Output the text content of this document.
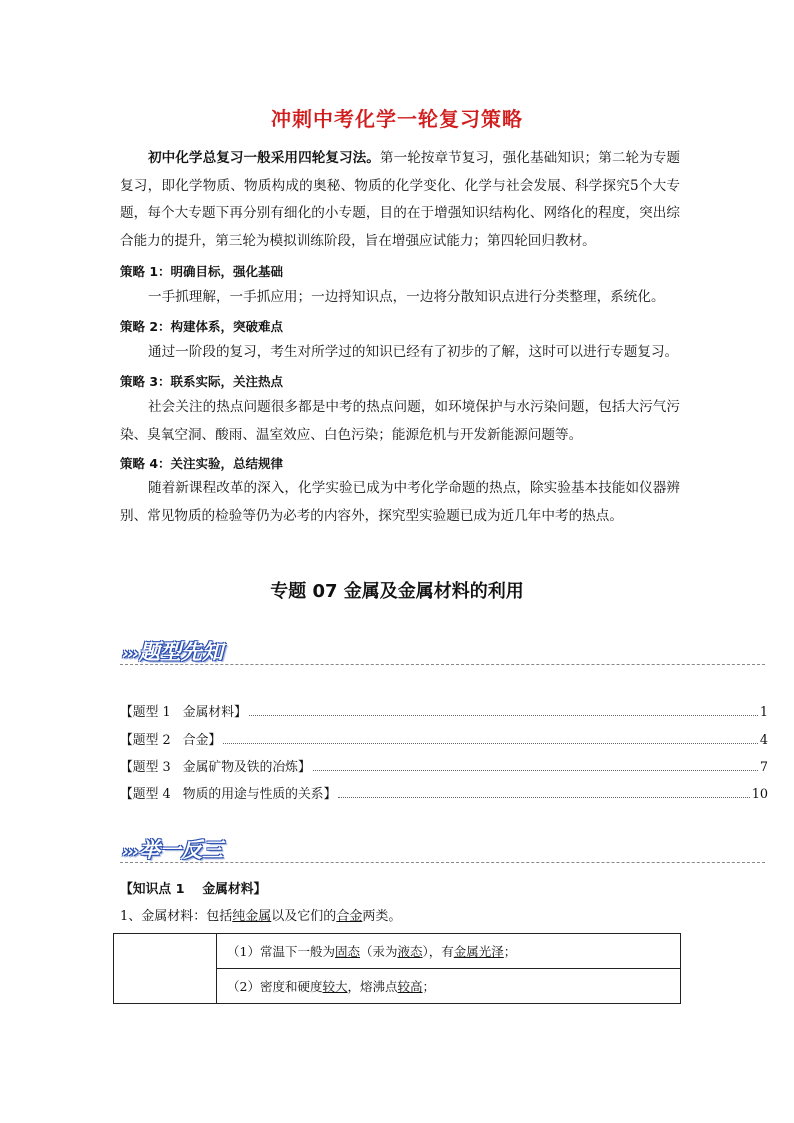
冲刺中考化学一轮复习策略

初中化学总复习一般采用四轮复习法。第一轮按章节复习，强化基础知识；第二轮为专题复习，即化学物质、物质构成的奥秘、物质的化学变化、化学与社会发展、科学探究5个大专题，每个大专题下再分别有细化的小专题，目的在于增强知识结构化、网络化的程度，突出综合能力的提升，第三轮为模拟训练阶段，旨在增强应试能力；第四轮回归教材。

策略 1：明确目标，强化基础

一手抓理解，一手抓应用；一边捋知识点，一边将分散知识点进行分类整理，系统化。

策略 2：构建体系，突破难点

通过一阶段的复习，考生对所学过的知识已经有了初步的了解，这时可以进行专题复习。

策略 3：联系实际，关注热点

社会关注的热点问题很多都是中考的热点问题，如环境保护与水污染问题，包括大污气污染、臭氧空洞、酸雨、温室效应、白色污染；能源危机与开发新能源问题等。

策略 4：关注实验，总结规律

随着新课程改革的深入，化学实验已成为中考化学命题的热点，除实验基本技能如仪器辨别、常见物质的检验等仍为必考的内容外，探究型实验题已成为近几年中考的热点。

专题 07 金属及金属材料的利用
›››题型先知
【题型 1   金属材料】	1
【题型 2   合金】	4
【题型 3   金属矿物及铁的冶炼】	7
【题型 4   物质的用途与性质的关系】	10
›››举一反三
【知识点 1    金属材料】
1、金属材料：包括纯金属以及它们的合金两类。
	（1）常温下一般为固态（汞为液态），有金属光泽；
（2）密度和硬度较大，熔沸点较高；
